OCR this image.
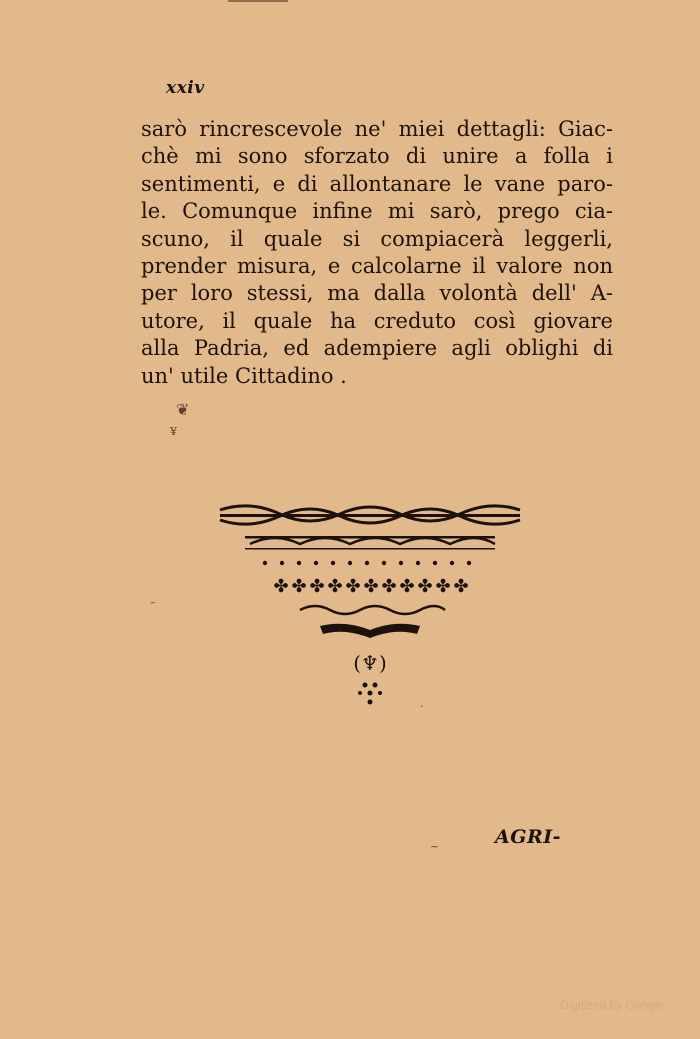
xxiv
sarò rincrescevole ne' miei dettagli: Giac-
chè mi sono sforzato di unire a folla i
sentimenti, e di allontanare le vane paro-
le. Comunque infine mi sarò, prego cia-
scuno, il quale si compiacerà leggerli,
prender misura, e calcolarne il valore non
per loro stessi, ma dalla volontà dell' A-
utore, il quale ha creduto così giovare
alla Padria, ed adempiere agli oblighi di
un' utile Cittadino .
❦
¥
✤ ✤ ✤ ✤ ✤ ✤ ✤ ✤ ✤ ✤ ✤
(♆)
–
·
~	AGRI-
Digitized by Google
